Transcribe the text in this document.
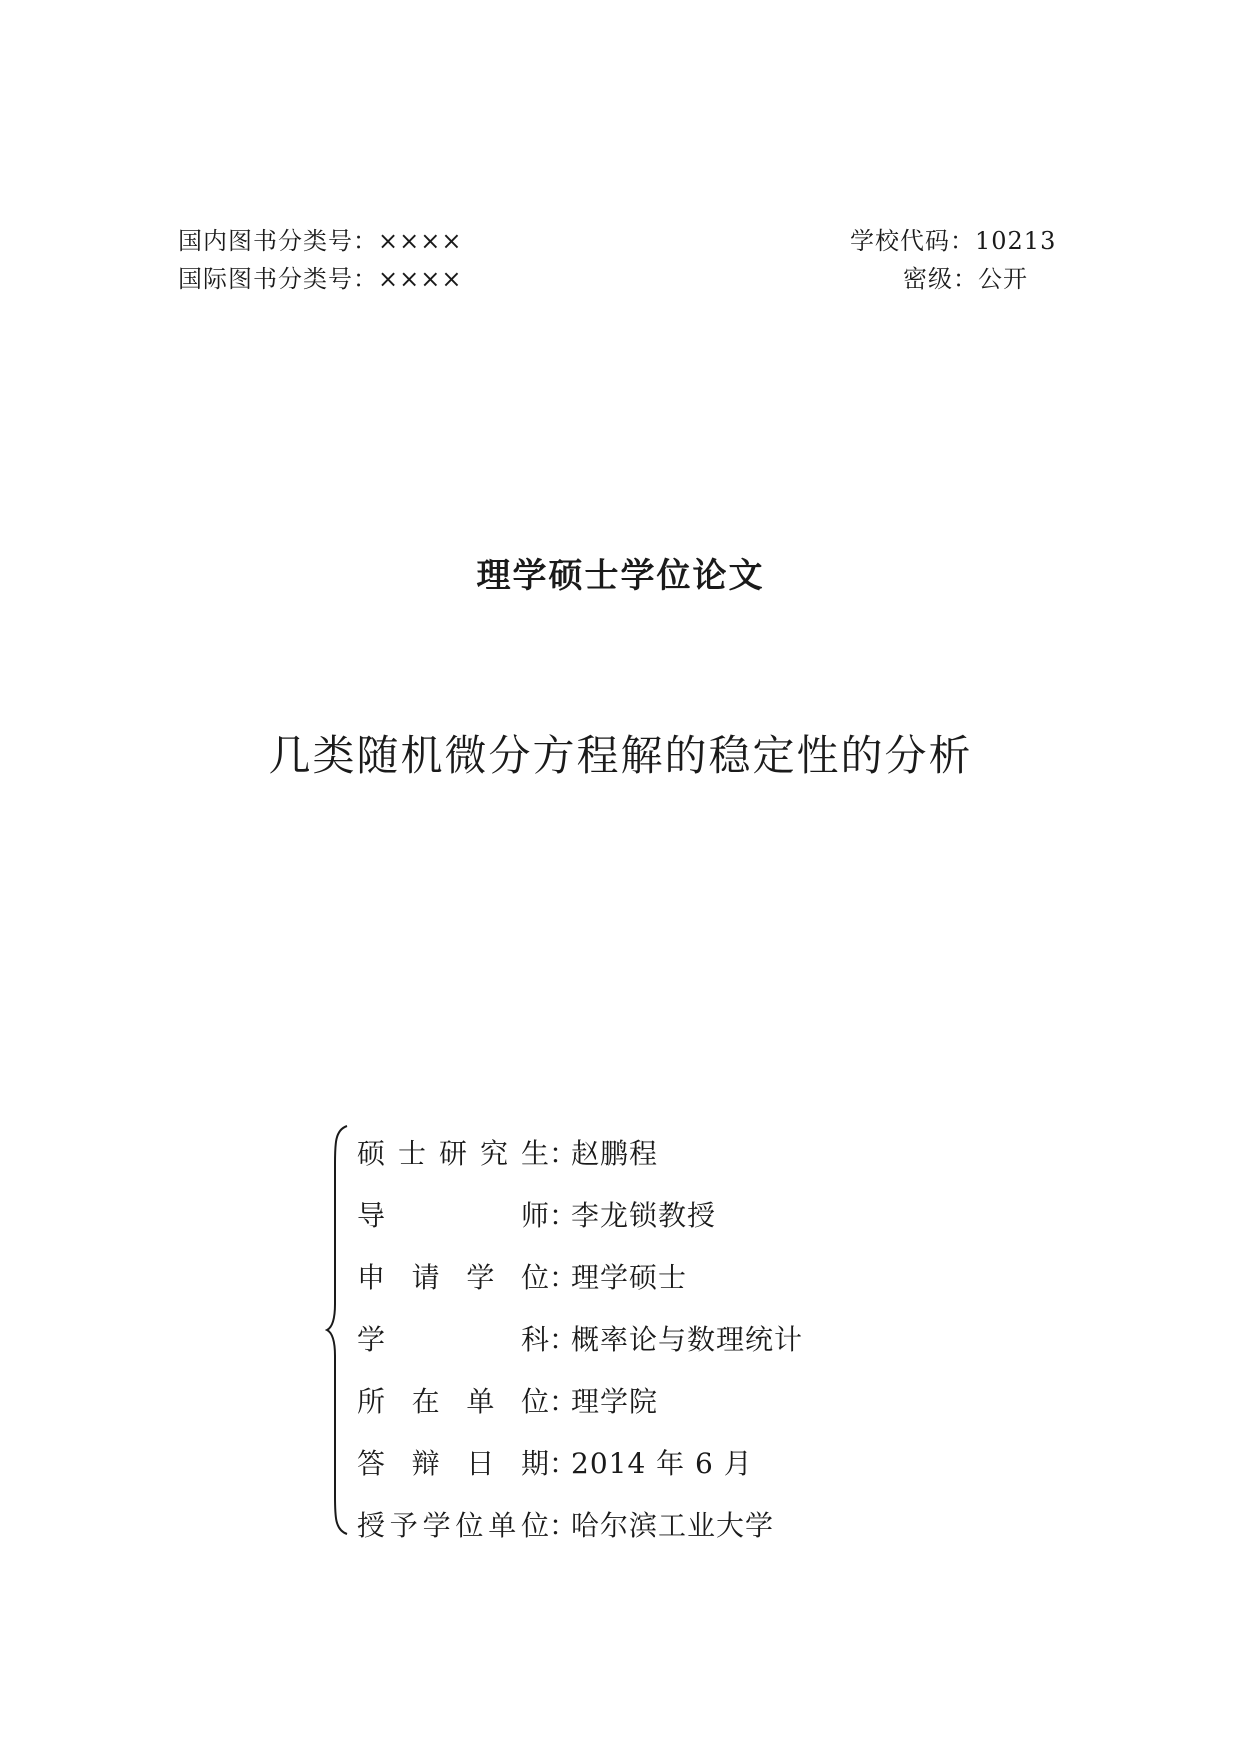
国内图书分类号：××××
国际图书分类号：××××
学校代码：10213
密级：公开
理学硕士学位论文
几类随机微分方程解的稳定性的分析
硕 士 研 究 生 ：
赵鹏程
导	师 ：
李龙锁教授
申 请 学 位 ：
理学硕士
学	科 ：
概率论与数理统计
所 在 单 位 ：
理学院
答 辩 日 期 ：
2014 年 6 月
授 予 学 位 单 位 ：
哈尔滨工业大学
